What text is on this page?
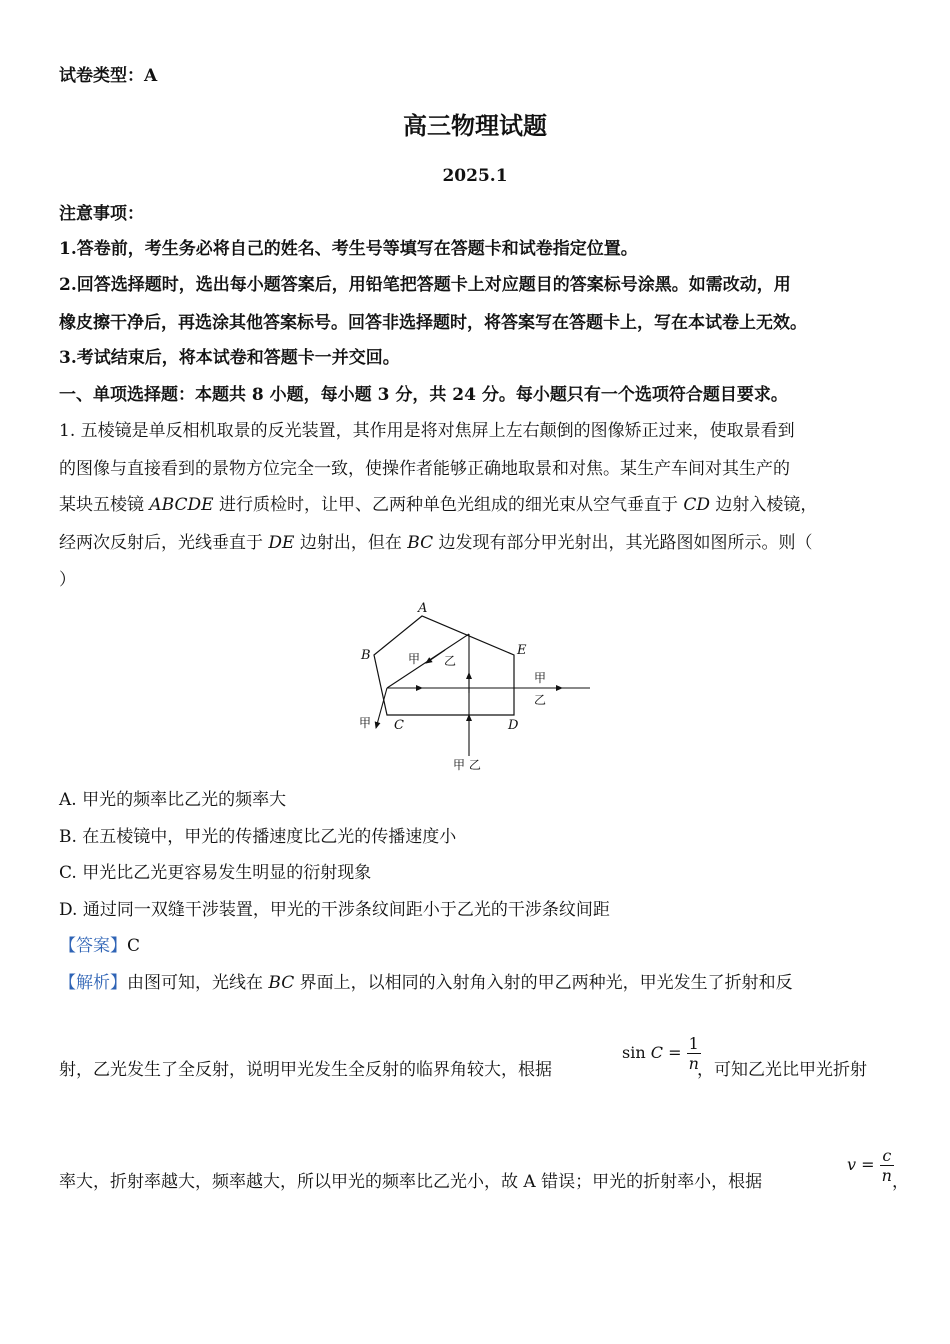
试卷类型：A
高三物理试题
2025.1
注意事项：
1.答卷前，考生务必将自己的姓名、考生号等填写在答题卡和试卷指定位置。
2.回答选择题时，选出每小题答案后，用铅笔把答题卡上对应题目的答案标号涂黑。如需改动，用
橡皮擦干净后，再选涂其他答案标号。回答非选择题时，将答案写在答题卡上，写在本试卷上无效。
3.考试结束后，将本试卷和答题卡一并交回。
一、单项选择题：本题共 8 小题，每小题 3 分，共 24 分。每小题只有一个选项符合题目要求。
1. 五棱镜是单反相机取景的反光装置，其作用是将对焦屏上左右颠倒的图像矫正过来，使取景看到
的图像与直接看到的景物方位完全一致，使操作者能够正确地取景和对焦。某生产车间对其生产的
某块五棱镜 ABCDE 进行质检时，让甲、乙两种单色光组成的细光束从空气垂直于 CD 边射入棱镜，
经两次反射后，光线垂直于 DE 边射出，但在 BC 边发现有部分甲光射出，其光路图如图所示。则（
）
A
B
C	D
E
甲 乙
甲
乙
甲
甲 乙
A. 甲光的频率比乙光的频率大
B. 在五棱镜中，甲光的传播速度比乙光的传播速度小
C. 甲光比乙光更容易发生明显的衍射现象
D. 通过同一双缝干涉装置，甲光的干涉条纹间距小于乙光的干涉条纹间距
【答案】C
【解析】由图可知，光线在 BC 界面上，以相同的入射角入射的甲乙两种光，甲光发生了折射和反
射，乙光发生了全反射，说明甲光发生全反射的临界角较大，根据
$\sin C = \frac{1}{n}$
，可知乙光比甲光折射
率大，折射率越大，频率越大，所以甲光的频率比乙光小，故 A 错误；甲光的折射率小，根据
$v = \frac{c}{n}$
，
